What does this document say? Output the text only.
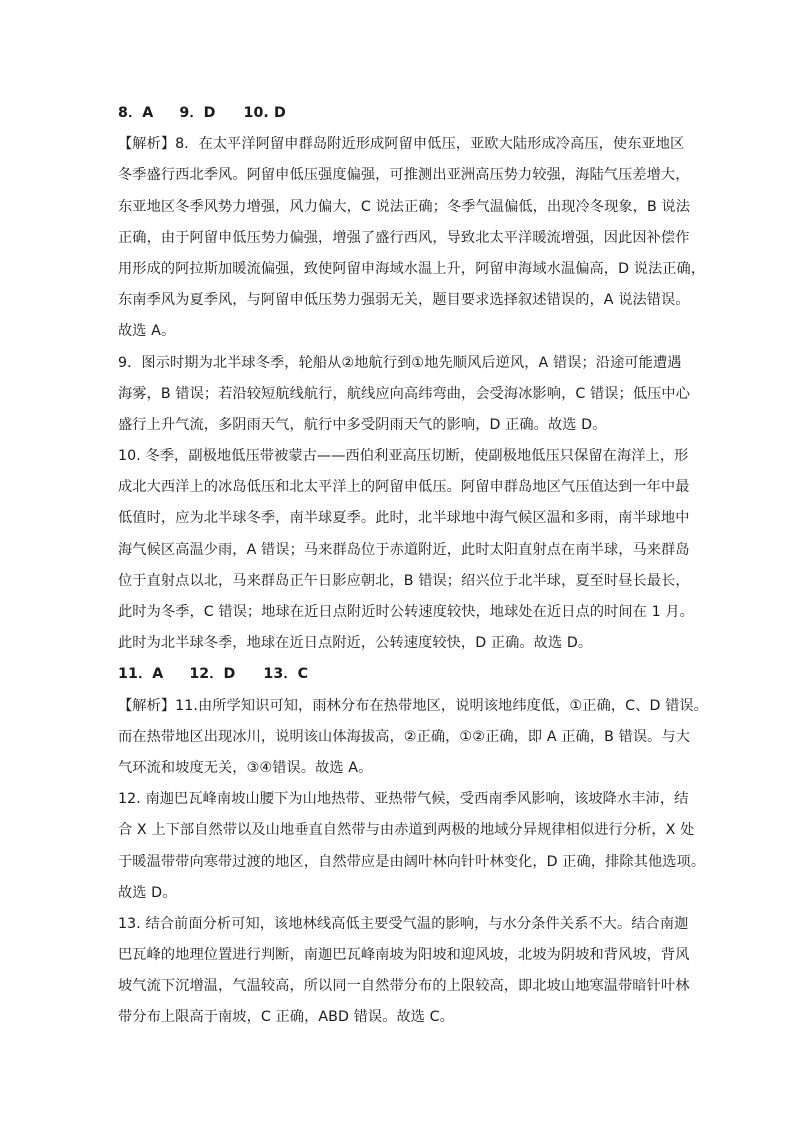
8．A 9．D 10. D
【解析】8．在太平洋阿留申群岛附近形成阿留申低压，亚欧大陆形成冷高压，使东亚地区
冬季盛行西北季风。阿留申低压强度偏强，可推测出亚洲高压势力较强，海陆气压差增大，
东亚地区冬季风势力增强，风力偏大，C 说法正确；冬季气温偏低，出现冷冬现象，B 说法
正确，由于阿留申低压势力偏强，增强了盛行西风，导致北太平洋暖流增强，因此因补偿作
用形成的阿拉斯加暖流偏强，致使阿留申海域水温上升，阿留申海域水温偏高，D 说法正确，
东南季风为夏季风，与阿留申低压势力强弱无关，题目要求选择叙述错误的，A 说法错误。
故选 A。
9．图示时期为北半球冬季，轮船从②地航行到①地先顺风后逆风，A 错误；沿途可能遭遇
海雾，B 错误；若沿较短航线航行，航线应向高纬弯曲，会受海冰影响，C 错误；低压中心
盛行上升气流，多阴雨天气，航行中多受阴雨天气的影响，D 正确。故选 D。
10. 冬季，副极地低压带被蒙古——西伯利亚高压切断，使副极地低压只保留在海洋上，形
成北大西洋上的冰岛低压和北太平洋上的阿留申低压。阿留申群岛地区气压值达到一年中最
低值时，应为北半球冬季，南半球夏季。此时，北半球地中海气候区温和多雨，南半球地中
海气候区高温少雨，A 错误；马来群岛位于赤道附近，此时太阳直射点在南半球，马来群岛
位于直射点以北，马来群岛正午日影应朝北，B 错误；绍兴位于北半球，夏至时昼长最长，
此时为冬季，C 错误；地球在近日点附近时公转速度较快，地球处在近日点的时间在 1 月。
此时为北半球冬季，地球在近日点附近，公转速度较快，D 正确。故选 D。
11．A 12．D 13．C
【解析】11.由所学知识可知，雨林分布在热带地区，说明该地纬度低，①正确，C、D 错误。
而在热带地区出现冰川，说明该山体海拔高，②正确，①②正确，即 A 正确，B 错误。与大
气环流和坡度无关，③④错误。故选 A。
12. 南迦巴瓦峰南坡山腰下为山地热带、亚热带气候，受西南季风影响，该坡降水丰沛，结
合 X 上下部自然带以及山地垂直自然带与由赤道到两极的地域分异规律相似进行分析，X 处
于暖温带带向寒带过渡的地区，自然带应是由阔叶林向针叶林变化，D 正确，排除其他选项。
故选 D。
13. 结合前面分析可知，该地林线高低主要受气温的影响，与水分条件关系不大。结合南迦
巴瓦峰的地理位置进行判断，南迦巴瓦峰南坡为阳坡和迎风坡，北坡为阴坡和背风坡，背风
坡气流下沉增温，气温较高，所以同一自然带分布的上限较高，即北坡山地寒温带暗针叶林
带分布上限高于南坡，C 正确，ABD 错误。故选 C。
